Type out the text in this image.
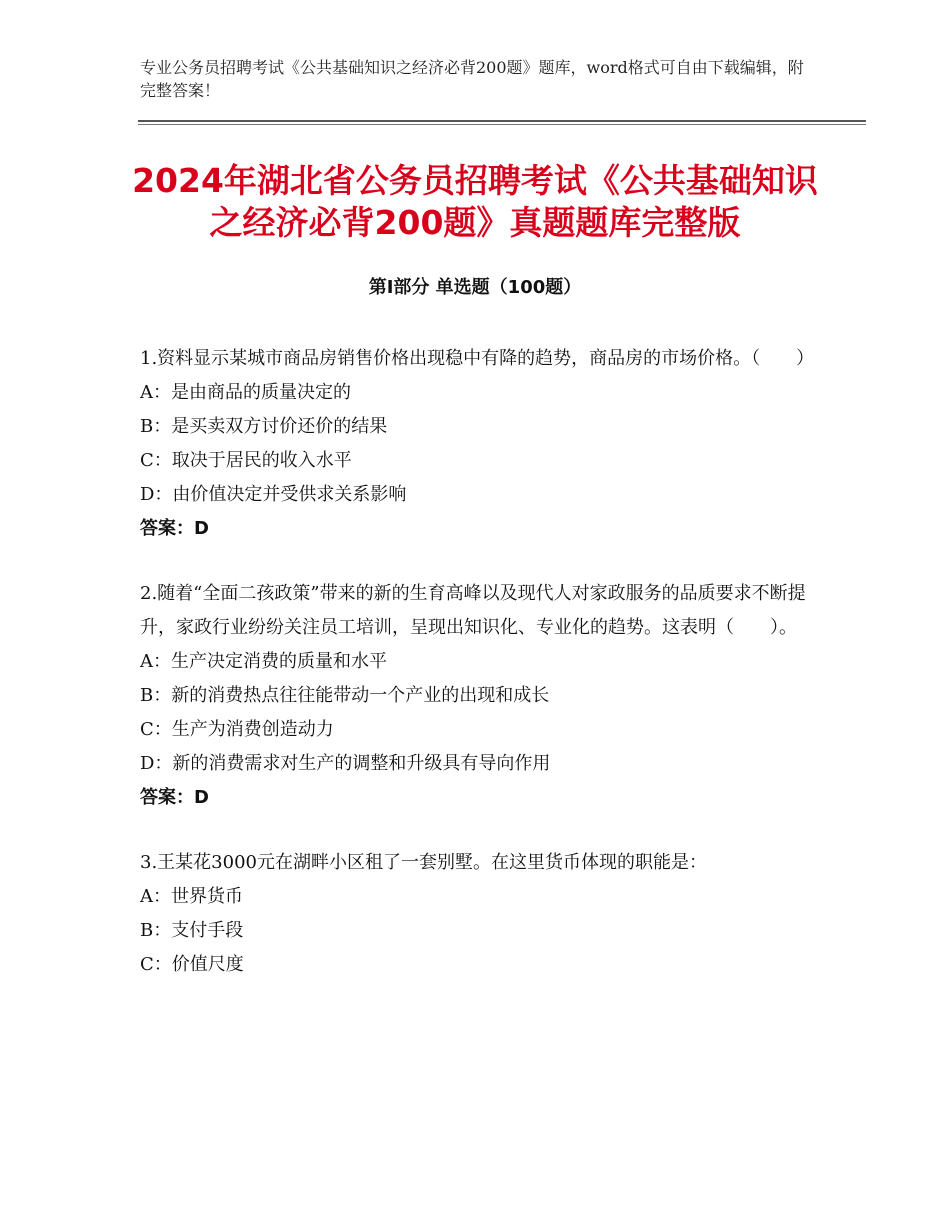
专业公务员招聘考试《公共基础知识之经济必背200题》题库，word格式可自由下载编辑，附完整答案！
2024年湖北省公务员招聘考试《公共基础知识之经济必背200题》真题题库完整版
第I部分 单选题（100题）

1.资料显示某城市商品房销售价格出现稳中有降的趋势，商品房的市场价格。（　　）

A：是由商品的质量决定的

B：是买卖双方讨价还价的结果

C：取决于居民的收入水平

D：由价值决定并受供求关系影响

答案：D

2.随着“全面二孩政策”带来的新的生育高峰以及现代人对家政服务的品质要求不断提升，家政行业纷纷关注员工培训，呈现出知识化、专业化的趋势。这表明（　　）。

A：生产决定消费的质量和水平

B：新的消费热点往往能带动一个产业的出现和成长

C：生产为消费创造动力

D：新的消费需求对生产的调整和升级具有导向作用

答案：D

3.王某花3000元在湖畔小区租了一套别墅。在这里货币体现的职能是：

A：世界货币

B：支付手段

C：价值尺度
